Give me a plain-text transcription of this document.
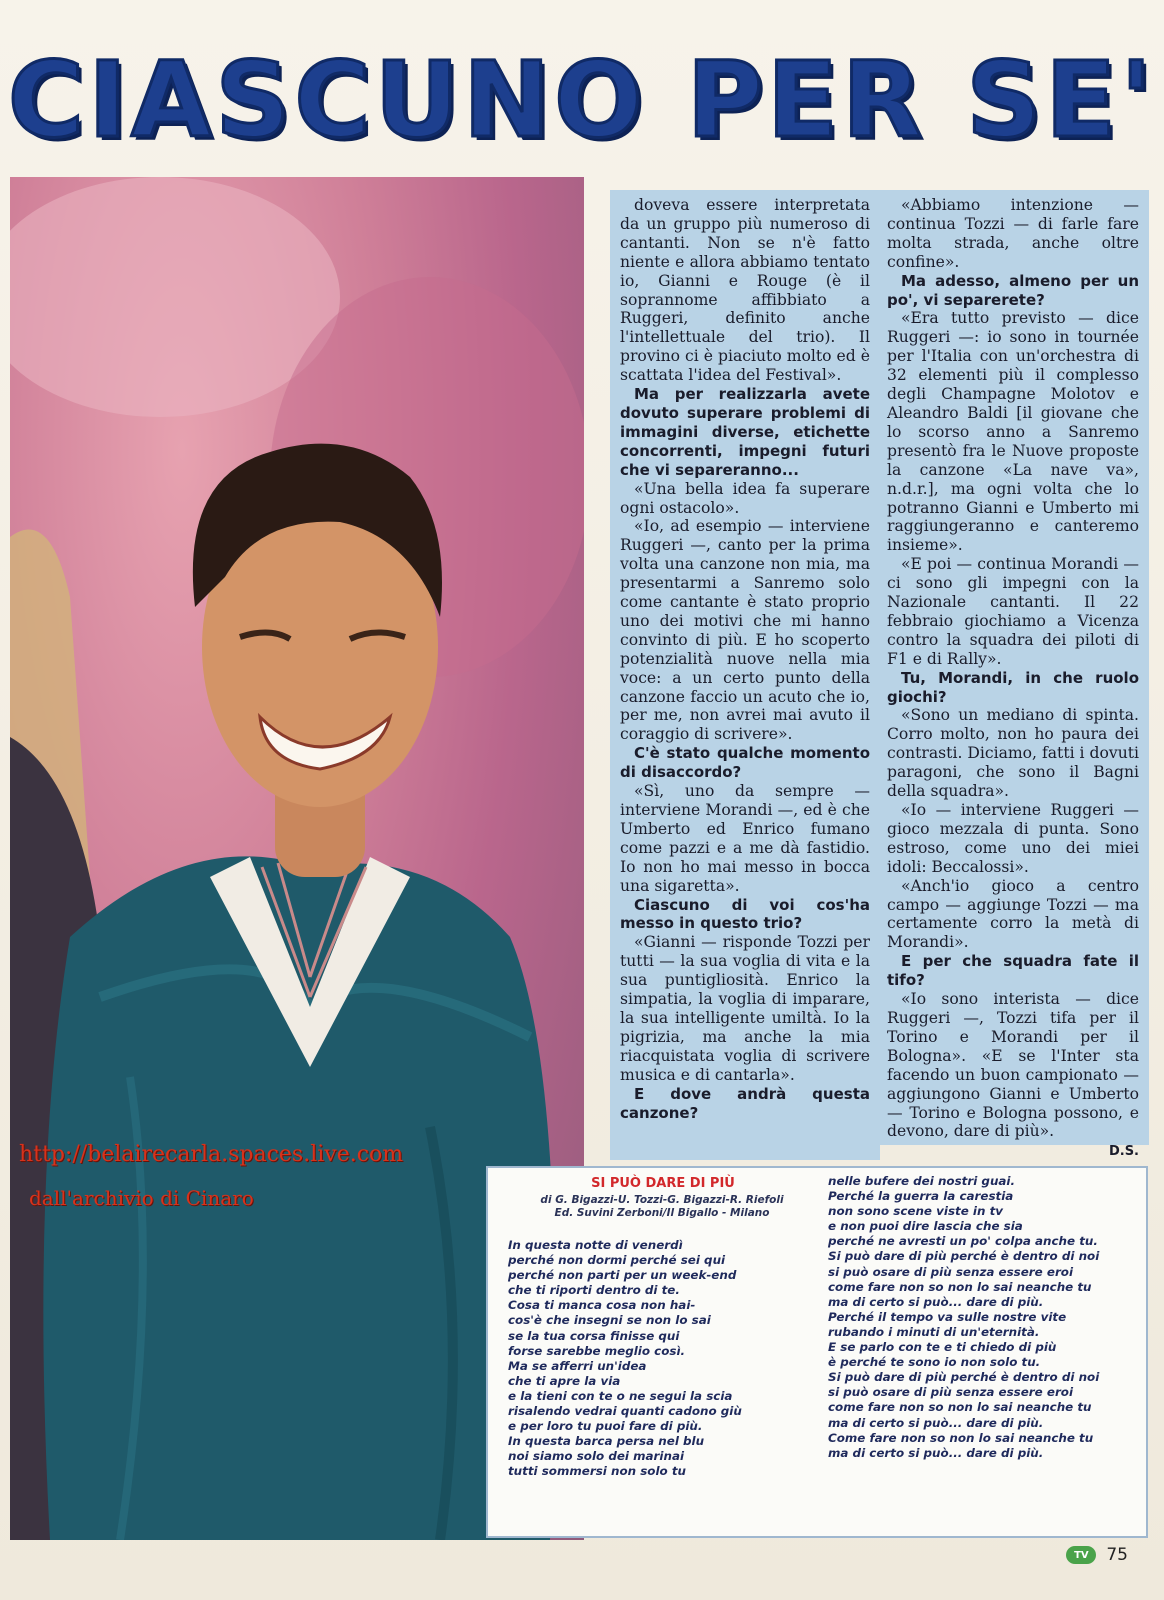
CIASCUNO PER SE'

doveva essere interpretata da un gruppo più numeroso di cantanti. Non se n'è fatto niente e allora abbiamo tentato io, Gianni e Rouge (è il soprannome affibbiato a Ruggeri, definito anche l'intellettuale del trio). Il provino ci è piaciuto molto ed è scattata l'idea del Festival».

Ma per realizzarla avete dovuto superare problemi di immagini diverse, etichette concorrenti, impegni futuri che vi separeranno...

«Una bella idea fa superare ogni ostacolo».

«Io, ad esempio — interviene Ruggeri —, canto per la prima volta una canzone non mia, ma presentarmi a Sanremo solo come cantante è stato proprio uno dei motivi che mi hanno convinto di più. E ho scoperto potenzialità nuove nella mia voce: a un certo punto della canzone faccio un acuto che io, per me, non avrei mai avuto il coraggio di scrivere».

C'è stato qualche momento di disaccordo?

«Sì, uno da sempre — interviene Morandi —, ed è che Umberto ed Enrico fumano come pazzi e a me dà fastidio. Io non ho mai messo in bocca una sigaretta».

Ciascuno di voi cos'ha messo in questo trio?

«Gianni — risponde Tozzi per tutti — la sua voglia di vita e la sua puntigliosità. Enrico la simpatia, la voglia di imparare, la sua intelligente umiltà. Io la pigrizia, ma anche la mia riacquistata voglia di scrivere musica e di cantarla».

E dove andrà questa canzone?

«Abbiamo intenzione — continua Tozzi — di farle fare molta strada, anche oltre confine».

Ma adesso, almeno per un po', vi separerete?

«Era tutto previsto — dice Ruggeri —: io sono in tournée per l'Italia con un'orchestra di 32 elementi più il complesso degli Champagne Molotov e Aleandro Baldi [il giovane che lo scorso anno a Sanremo presentò fra le Nuove proposte la canzone «La nave va», n.d.r.], ma ogni volta che lo potranno Gianni e Umberto mi raggiungeranno e canteremo insieme».

«E poi — continua Morandi — ci sono gli impegni con la Nazionale cantanti. Il 22 febbraio giochiamo a Vicenza contro la squadra dei piloti di F1 e di Rally».

Tu, Morandi, in che ruolo giochi?

«Sono un mediano di spinta. Corro molto, non ho paura dei contrasti. Diciamo, fatti i dovuti paragoni, che sono il Bagni della squadra».

«Io — interviene Ruggeri — gioco mezzala di punta. Sono estroso, come uno dei miei idoli: Beccalossi».

«Anch'io gioco a centro campo — aggiunge Tozzi — ma certamente corro la metà di Morandi».

E per che squadra fate il tifo?

«Io sono interista — dice Ruggeri —, Tozzi tifa per il Torino e Morandi per il Bologna». «E se l'Inter sta facendo un buon campionato — aggiungono Gianni e Umberto — Torino e Bologna possono, e devono, dare di più».

D.S.
SI PUÒ DARE DI PIÙ
di G. Bigazzi-U. Tozzi-G. Bigazzi-R. Riefoli
Ed. Suvini Zerboni/Il Bigallo - Milano
In questa notte di venerdì
perché non dormi perché sei qui
perché non parti per un week-end
che ti riporti dentro di te.
Cosa ti manca cosa non hai-
cos'è che insegni se non lo sai
se la tua corsa finisse qui
forse sarebbe meglio così.
Ma se afferri un'idea
che ti apre la via
e la tieni con te o ne segui la scia
risalendo vedrai quanti cadono giù
e per loro tu puoi fare di più.
In questa barca persa nel blu
noi siamo solo dei marinai
tutti sommersi non solo tu
nelle bufere dei nostri guai.
Perché la guerra la carestia
non sono scene viste in tv
e non puoi dire lascia che sia
perché ne avresti un po' colpa anche tu.
Si può dare di più perché è dentro di noi
si può osare di più senza essere eroi
come fare non so non lo sai neanche tu
ma di certo si può... dare di più.
Perché il tempo va sulle nostre vite
rubando i minuti di un'eternità.
E se parlo con te e ti chiedo di più
è perché te sono io non solo tu.
Si può dare di più perché è dentro di noi
si può osare di più senza essere eroi
come fare non so non lo sai neanche tu
ma di certo si può... dare di più.
Come fare non so non lo sai neanche tu
ma di certo si può... dare di più.
http://belairecarla.spaces.live.com
dall'archivio di Cinaro
TV	75
